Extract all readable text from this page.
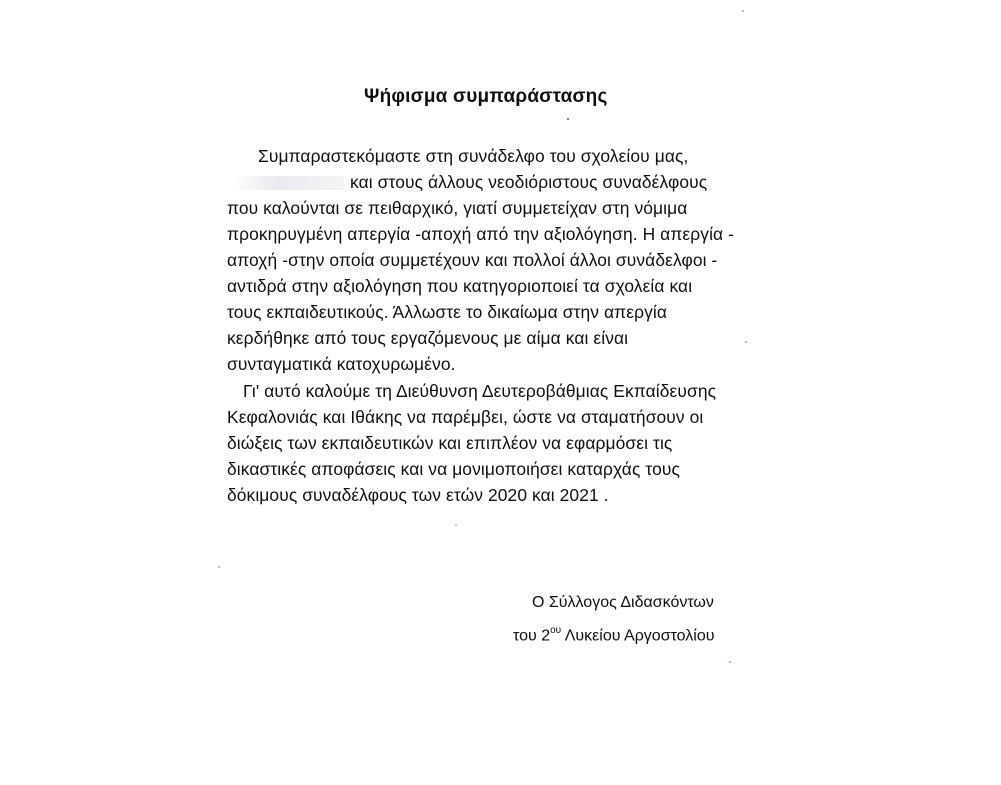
Ψήφισμα συμπαράστασης
Συμπαραστεκόμαστε στη συνάδελφο του σχολείου μας,
και στους άλλους νεοδιόριστους συναδέλφους
που καλούνται σε πειθαρχικό, γιατί συμμετείχαν στη νόμιμα
προκηρυγμένη απεργία -αποχή από την αξιολόγηση. Η απεργία -
αποχή -στην οποία συμμετέχουν και πολλοί άλλοι συνάδελφοι -
αντιδρά στην αξιολόγηση που κατηγοριοποιεί τα σχολεία και
τους εκπαιδευτικούς. Άλλωστε το δικαίωμα στην απεργία
κερδήθηκε από τους εργαζόμενους με αίμα και είναι
συνταγματικά κατοχυρωμένο.
Γι' αυτό καλούμε τη Διεύθυνση Δευτεροβάθμιας Εκπαίδευσης
Κεφαλονιάς και Ιθάκης να παρέμβει, ώστε να σταματήσουν οι
διώξεις των εκπαιδευτικών και επιπλέον να εφαρμόσει τις
δικαστικές αποφάσεις και να μονιμοποιήσει καταρχάς τους
δόκιμους συναδέλφους των ετών 2020 και 2021 .
Ο Σύλλογος Διδασκόντων
του $2^{o\upsilon}$ Λυκείου Αργοστολίου
